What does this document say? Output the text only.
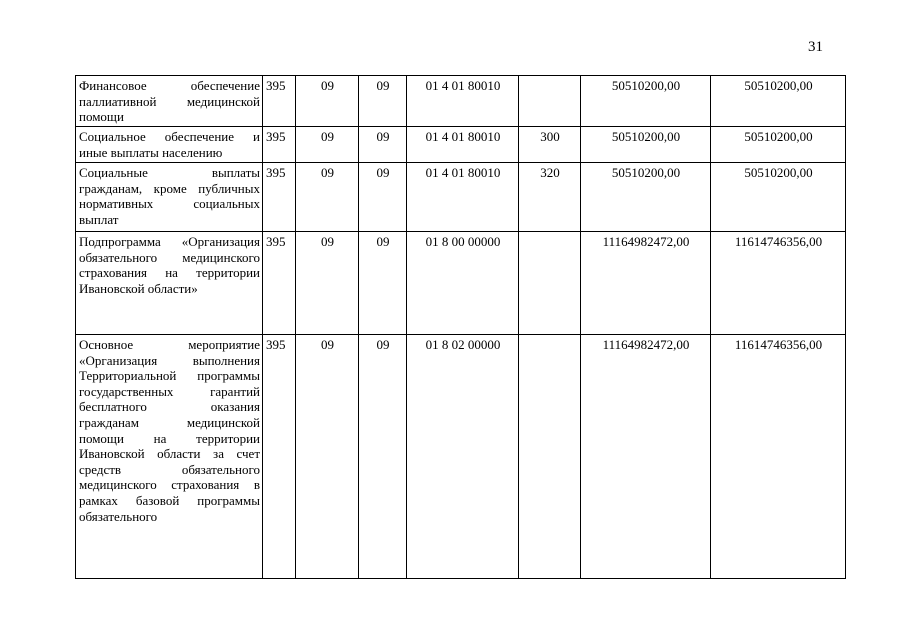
31
Финансовое обеспечение паллиативной медицинской помощи	395	09	09	01 4 01 80010		50510200,00	50510200,00
Социальное обеспечение и иные выплаты населению	395	09	09	01 4 01 80010	300	50510200,00	50510200,00
Социальные выплаты гражданам, кроме публичных нормативных социальных выплат	395	09	09	01 4 01 80010	320	50510200,00	50510200,00
Подпрограмма «Организация обязательного медицинского страхования на территории Ивановской области»	395	09	09	01 8 00 00000		11164982472,00	11614746356,00
Основное мероприятие «Организация выполнения Территориальной программы государственных гарантий бесплатного оказания гражданам медицинской помощи на территории Ивановской области за счет средств обязательного медицинского страхования в рамках базовой программы обязательного	395	09	09	01 8 02 00000		11164982472,00	11614746356,00
